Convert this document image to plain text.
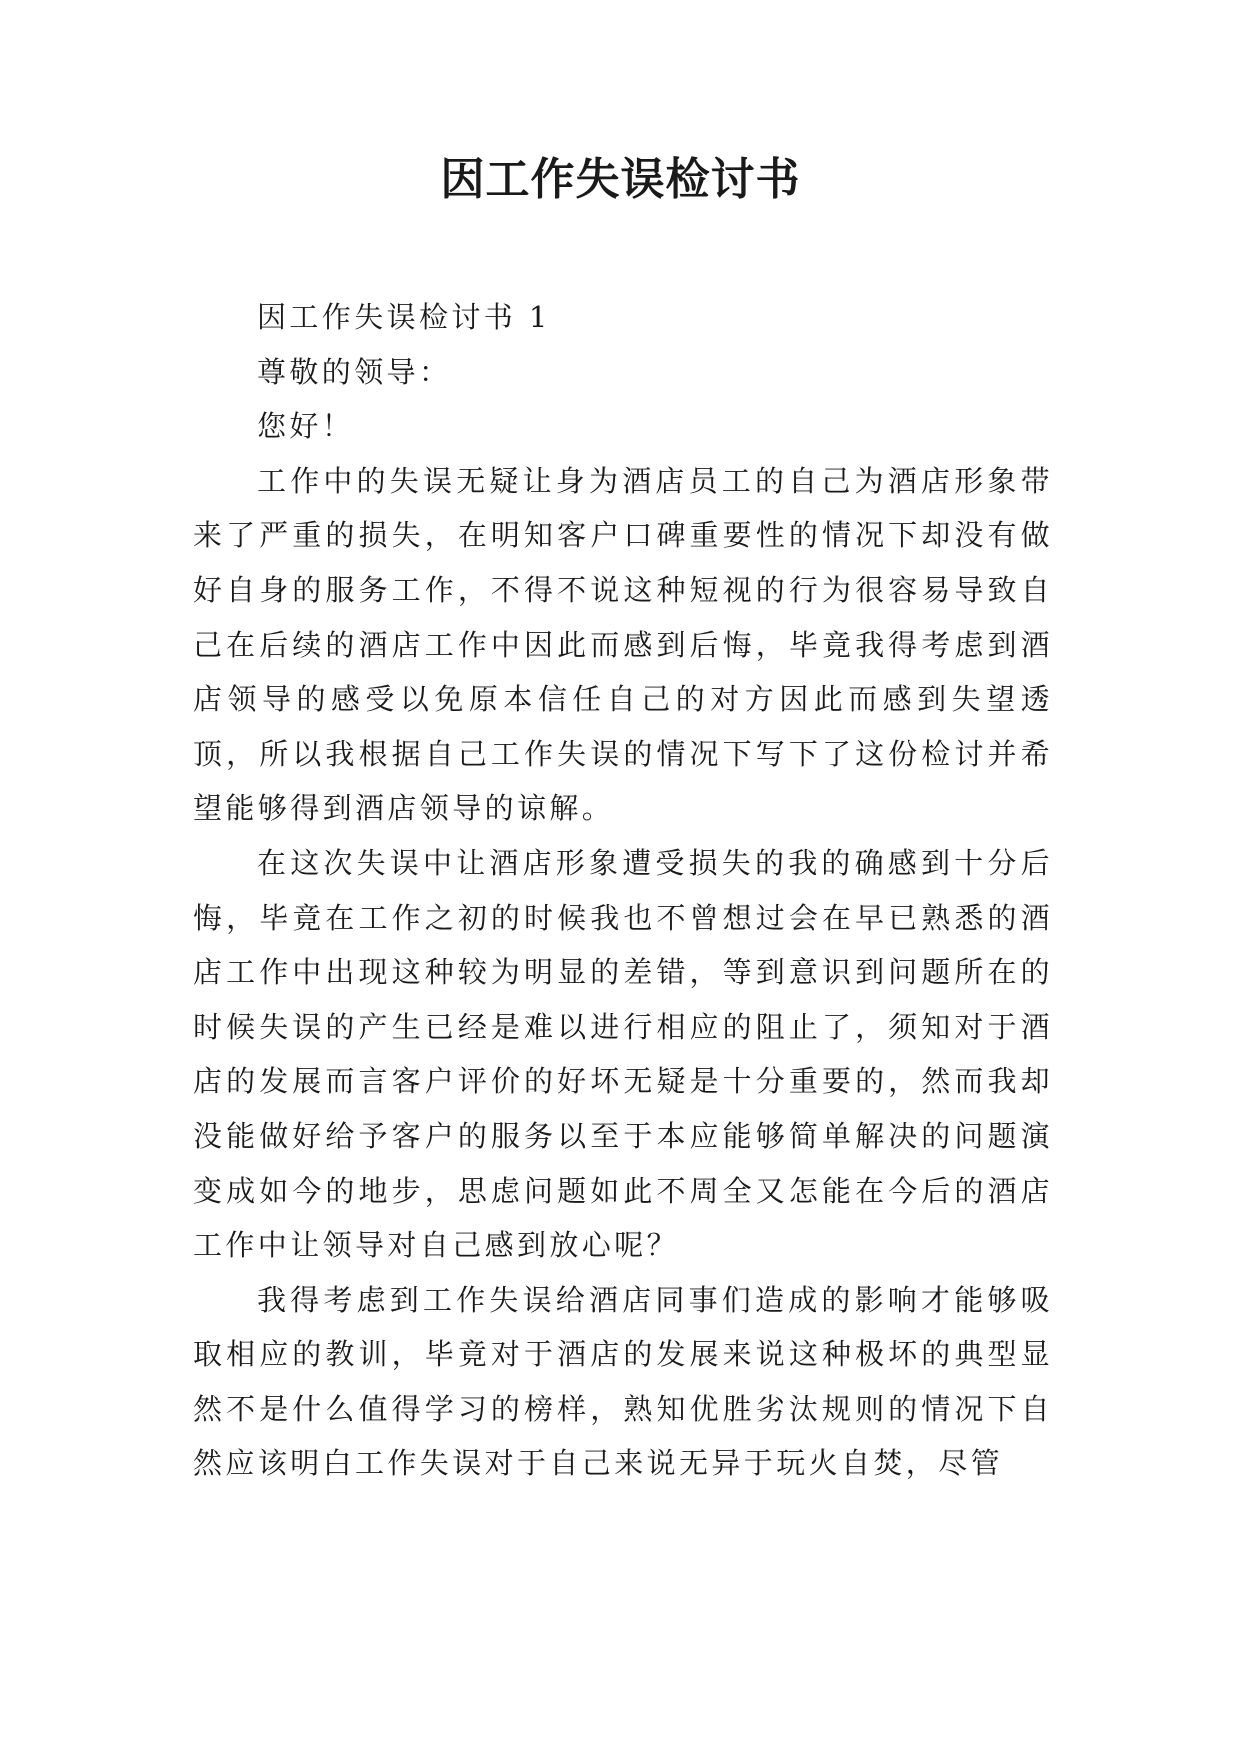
因工作失误检讨书

因工作失误检讨书 1

尊敬的领导：

您好！

工作中的失误无疑让身为酒店员工的自己为酒店形象带来了严重的损失，在明知客户口碑重要性的情况下却没有做好自身的服务工作，不得不说这种短视的行为很容易导致自己在后续的酒店工作中因此而感到后悔，毕竟我得考虑到酒店领导的感受以免原本信任自己的对方因此而感到失望透顶，所以我根据自己工作失误的情况下写下了这份检讨并希望能够得到酒店领导的谅解。

在这次失误中让酒店形象遭受损失的我的确感到十分后悔，毕竟在工作之初的时候我也不曾想过会在早已熟悉的酒店工作中出现这种较为明显的差错，等到意识到问题所在的时候失误的产生已经是难以进行相应的阻止了，须知对于酒店的发展而言客户评价的好坏无疑是十分重要的，然而我却没能做好给予客户的服务以至于本应能够简单解决的问题演变成如今的地步，思虑问题如此不周全又怎能在今后的酒店工作中让领导对自己感到放心呢？

我得考虑到工作失误给酒店同事们造成的影响才能够吸取相应的教训，毕竟对于酒店的发展来说这种极坏的典型显然不是什么值得学习的榜样，熟知优胜劣汰规则的情况下自然应该明白工作失误对于自己来说无异于玩火自焚，尽管
